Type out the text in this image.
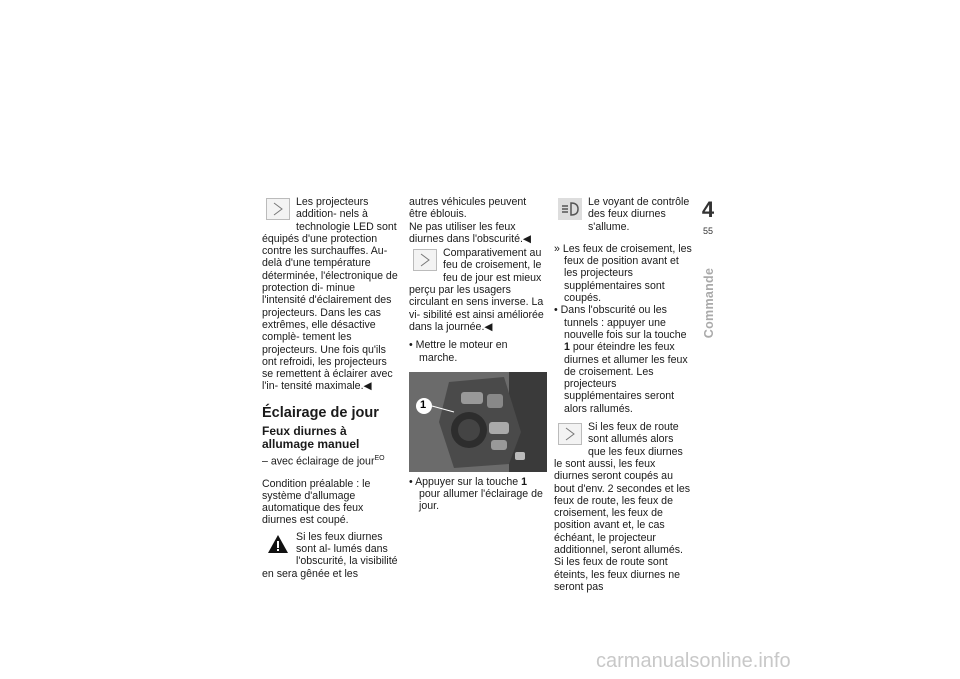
Les projecteurs addition- nels à technologie LED sont équipés d'une protection contre les surchauffes. Au-delà d'une température déterminée, l'électronique de protection di- minue l'intensité d'éclairement des projecteurs. Dans les cas extrêmes, elle désactive complè- tement les projecteurs. Une fois qu'ils ont refroidi, les projecteurs se remettent à éclairer avec l'in- tensité maximale.◀

Éclairage de jour
Feux diurnes à allumage manuel

– avec éclairage de jour$^{EO}$

Condition préalable : le système d'allumage automatique des feux diurnes est coupé.

Si les feux diurnes sont al- lumés dans l'obscurité, la visibilité en sera gênée et les

autres véhicules peuvent être éblouis.

Ne pas utiliser les feux diurnes dans l'obscurité.◀

Comparativement au feu de croisement, le feu de jour est mieux perçu par les usagers circulant en sens inverse. La vi- sibilité est ainsi améliorée dans la journée.◀

• Mettre le moteur en marche.

1

• Appuyer sur la touche 1 pour allumer l'éclairage de jour.

Le voyant de contrôle des feux diurnes s'allume.

» Les feux de croisement, les feux de position avant et les projecteurs supplémentaires sont coupés.

• Dans l'obscurité ou les tunnels : appuyer une nouvelle fois sur la touche 1 pour éteindre les feux diurnes et allumer les feux de croisement. Les projecteurs supplémentaires seront alors rallumés.

Si les feux de route sont allumés alors que les feux diurnes le sont aussi, les feux diurnes seront coupés au bout d'env. 2 secondes et les feux de route, les feux de croisement, les feux de position avant et, le cas échéant, le projecteur additionnel, seront allumés.

Si les feux de route sont éteints, les feux diurnes ne seront pas

4
55
Commande
carmanualsonline.info
